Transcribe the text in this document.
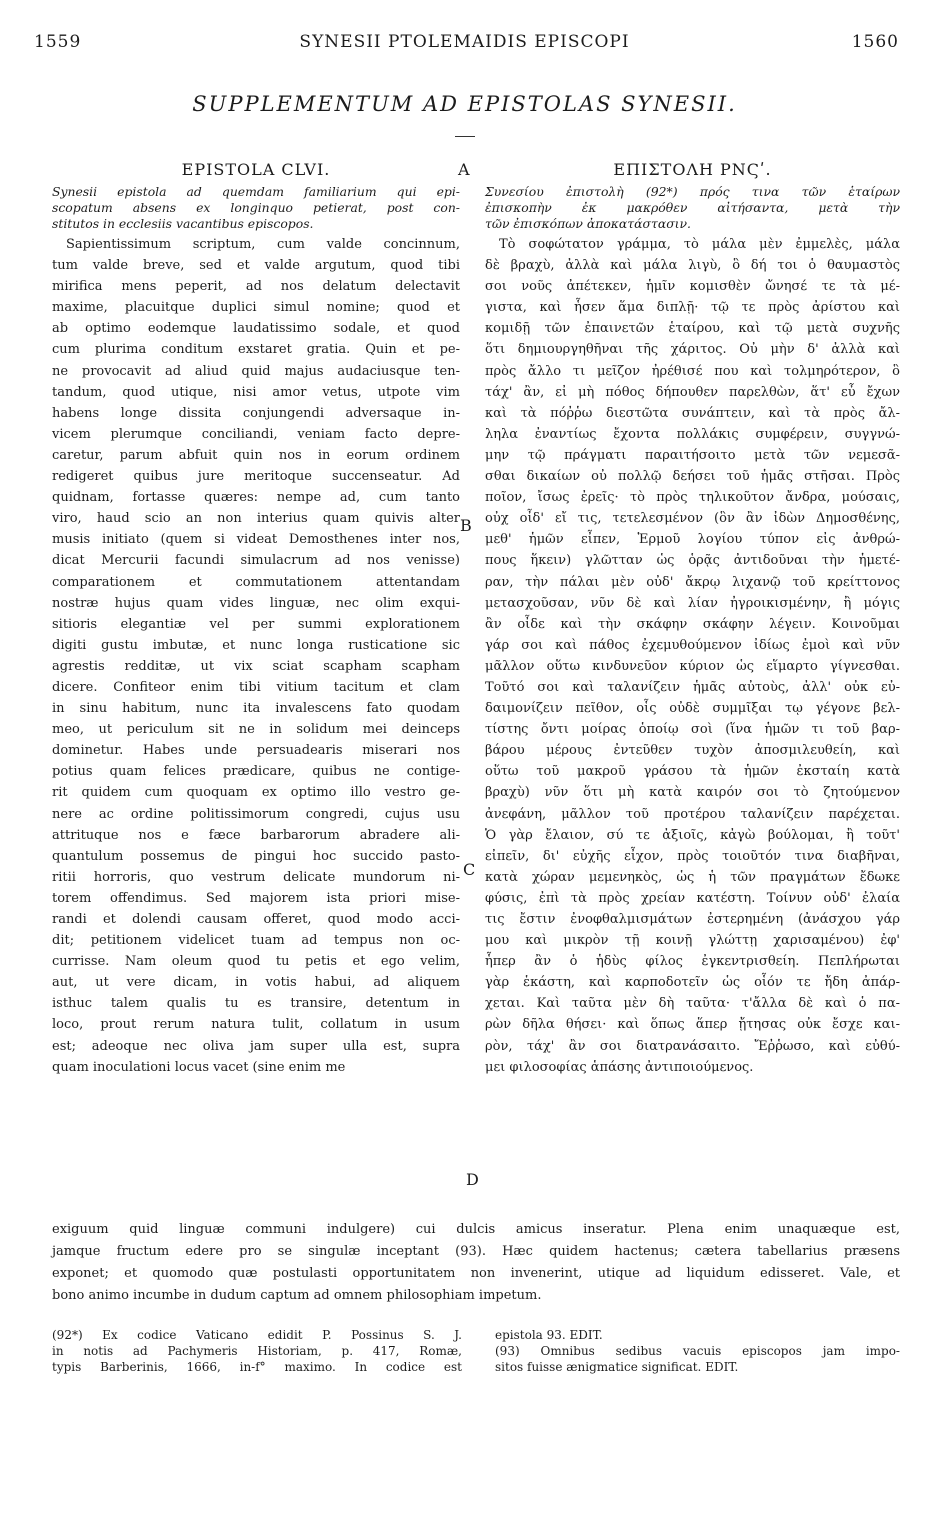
1559	SYNESII PTOLEMAIDIS EPISCOPI	1560
SUPPLEMENTUM AD EPISTOLAS SYNESII.
EPISTOLA CLVI.
Synesii epistola ad quemdam familiarium qui epi-
scopatum absens ex longinquo petierat, post con-
stitutos in ecclesiis vacantibus episcopos.
Sapientissimum scriptum, cum valde concinnum,
tum valde breve, sed et valde argutum, quod tibi
mirifica mens peperit, ad nos delatum delectavit
maxime, placuitque duplici simul nomine; quod et
ab optimo eodemque laudatissimo sodale, et quod
cum plurima conditum exstaret gratia. Quin et pe-
ne provocavit ad aliud quid majus audaciusque ten-
tandum, quod utique, nisi amor vetus, utpote vim
habens longe dissita conjungendi adversaque in-
vicem plerumque conciliandi, veniam facto depre-
caretur, parum abfuit quin nos in eorum ordinem
redigeret quibus jure meritoque succenseatur. Ad
quidnam, fortasse quæres: nempe ad, cum tanto
viro, haud scio an non interius quam quivis alter
musis initiato (quem si videat Demosthenes inter nos,
dicat Mercurii facundi simulacrum ad nos venisse)
comparationem et commutationem attentandam
nostræ hujus quam vides linguæ, nec olim exqui-
sitioris elegantiæ vel per summi explorationem
digiti gustu imbutæ, et nunc longa rusticatione sic
agrestis redditæ, ut vix sciat scapham scapham
dicere. Confiteor enim tibi vitium tacitum et clam
in sinu habitum, nunc ita invalescens fato quodam
meo, ut periculum sit ne in solidum mei deinceps
dominetur. Habes unde persuadearis miserari nos
potius quam felices prædicare, quibus ne contige-
rit quidem cum quoquam ex optimo illo vestro ge-
nere ac ordine politissimorum congredi, cujus usu
attrituque nos e fæce barbarorum abradere ali-
quantulum possemus de pingui hoc succido pasto-
ritii horroris, quo vestrum delicate mundorum ni-
torem offendimus. Sed majorem ista priori mise-
randi et dolendi causam offeret, quod modo acci-
dit; petitionem videlicet tuam ad tempus non oc-
currisse. Nam oleum quod tu petis et ego velim,
aut, ut vere dicam, in votis habui, ad aliquem
isthuc talem qualis tu es transire, detentum in
loco, prout rerum natura tulit, collatum in usum
est; adeoque nec oliva jam super ulla est, supra
quam inoculationi locus vacet (sine enim me
ΕΠΙΣΤΟΛΗ ΡΝϚʹ.
Συνεσίου ἐπιστολὴ (92*) πρός τινα τῶν ἑταίρων
ἐπισκοπὴν ἐκ μακρόθεν αἰτήσαντα, μετὰ τὴν
τῶν ἐπισκόπων ἀποκατάστασιν.
Τὸ σοφώτατον γράμμα, τὸ μάλα μὲν ἐμμελὲς, μάλα
δὲ βραχὺ, ἀλλὰ καὶ μάλα λιγὺ, ὃ δή τοι ὁ θαυμαστὸς
σοι νοῦς ἀπέτεκεν, ἡμῖν κομισθὲν ὤνησέ τε τὰ μέ-
γιστα, καὶ ἧσεν ἅμα διπλῇ· τῷ τε πρὸς ἀρίστου καὶ
κομιδῇ τῶν ἐπαινετῶν ἑταίρου, καὶ τῷ μετὰ συχνῆς
ὅτι δημιουργηθῆναι τῆς χάριτος. Οὐ μὴν δ' ἀλλὰ καὶ
πρὸς ἄλλο τι μεῖζον ἠρέθισέ που καὶ τολμηρότερον, ὃ
τάχ' ἂν, εἰ μὴ πόθος δήπουθεν παρελθὼν, ἅτ' εὖ ἔχων
καὶ τὰ πόῤῥω διεστῶτα συνάπτειν, καὶ τὰ πρὸς ἄλ-
ληλα ἐναντίως ἔχοντα πολλάκις συμφέρειν, συγγνώ-
μην τῷ πράγματι παραιτήσοιτο μετὰ τῶν νεμεσᾶ-
σθαι δικαίων οὐ πολλῷ δεήσει τοῦ ἡμᾶς στῆσαι. Πρὸς
ποῖον, ἴσως ἐρεῖς· τὸ πρὸς τηλικοῦτον ἄνδρα, μούσαις,
οὐχ οἶδ' εἴ τις, τετελεσμένον (ὃν ἂν ἰδὼν Δημοσθένης,
μεθ' ἡμῶν εἶπεν, Ἑρμοῦ λογίου τύπον εἰς ἀνθρώ-
πους ἥκειν) γλῶτταν ὡς ὁρᾷς ἀντιδοῦναι τὴν ἡμετέ-
ραν, τὴν πάλαι μὲν οὐδ' ἄκρῳ λιχανῷ τοῦ κρείττονος
μετασχοῦσαν, νῦν δὲ καὶ λίαν ἠγροικισμένην, ἢ μόγις
ἂν οἶδε καὶ τὴν σκάφην σκάφην λέγειν. Κοινοῦμαι
γάρ σοι καὶ πάθος ἐχεμυθούμενον ἰδίως ἐμοὶ καὶ νῦν
μᾶλλον οὕτω κινδυνεῦον κύριον ὡς εἵμαρτο γίγνεσθαι.
Τοῦτό σοι καὶ ταλανίζειν ἡμᾶς αὐτοὺς, ἀλλ' οὐκ εὐ-
δαιμονίζειν πεῖθον, οἷς οὐδὲ συμμῖξαι τῳ γέγονε βελ-
τίστης ὄντι μοίρας ὁποίῳ σοὶ (ἵνα ἡμῶν τι τοῦ βαρ-
βάρου μέρους ἐντεῦθεν τυχὸν ἀποσμιλευθείη, καὶ
οὕτω τοῦ μακροῦ γράσου τὰ ἡμῶν ἐκσταίη κατὰ
βραχὺ) νῦν ὅτι μὴ κατὰ καιρόν σοι τὸ ζητούμενον
ἀνεφάνη, μᾶλλον τοῦ προτέρου ταλανίζειν παρέχεται.
Ὁ γὰρ ἔλαιον, σύ τε ἀξιοῖς, κἀγὼ βούλομαι, ἢ τοῦτ'
εἰπεῖν, δι' εὐχῆς εἶχον, πρὸς τοιοῦτόν τινα διαβῆναι,
κατὰ χώραν μεμενηκὸς, ὡς ἡ τῶν πραγμάτων ἔδωκε
φύσις, ἐπὶ τὰ πρὸς χρείαν κατέστη. Τοίνυν οὐδ' ἐλαία
τις ἔστιν ἐνοφθαλμισμάτων ἐστερημένη (ἀνάσχου γάρ
μου καὶ μικρὸν τῇ κοινῇ γλώττῃ χαρισαμένου) ἐφ'
ἧπερ ἂν ὁ ἡδὺς φίλος ἐγκεντρισθείη. Πεπλήρωται
γὰρ ἑκάστη, καὶ καρποδοτεῖν ὡς οἷόν τε ἤδη ἀπάρ-
χεται. Καὶ ταῦτα μὲν δὴ ταῦτα· τ'ἄλλα δὲ καὶ ὁ πα-
ρὼν δῆλα θήσει· καὶ ὅπως ἅπερ ᾔτησας οὐκ ἔσχε και-
ρὸν, τάχ' ἂν σοι διατρανάσαιτο. Ἔῤῥωσο, καὶ εὐθύ-
μει φιλοσοφίας ἁπάσης ἀντιποιούμενος.
A
B
C
D
exiguum quid linguæ communi indulgere) cui dulcis amicus inseratur. Plena enim unaquæque est,
jamque fructum edere pro se singulæ inceptant (93). Hæc quidem hactenus; cætera tabellarius præsens
exponet; et quomodo quæ postulasti opportunitatem non invenerint, utique ad liquidum edisseret. Vale, et
bono animo incumbe in dudum captum ad omnem philosophiam impetum.
(92*) Ex codice Vaticano edidit P. Possinus S. J.
in notis ad Pachymeris Historiam, p. 417, Romæ,
typis Barberinis, 1666, in-f° maximo. In codice est
epistola 93. EDIT.
(93) Omnibus sedibus vacuis episcopos jam impo-
sitos fuisse ænigmatice significat. EDIT.
